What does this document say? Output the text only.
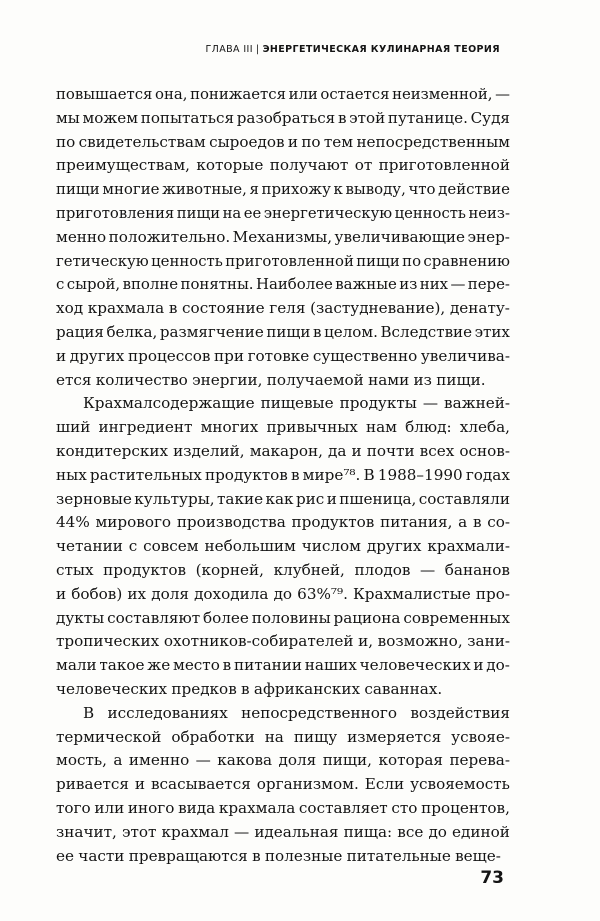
ГЛАВА III | ЭНЕРГЕТИЧЕСКАЯ КУЛИНАРНАЯ ТЕОРИЯ
повышается она, понижается или остается неизменной, —
мы можем попытаться разобраться в этой путанице. Судя
по свидетельствам сыроедов и по тем непосредственным
преимуществам, которые получают от приготовленной
пищи многие животные, я прихожу к выводу, что действие
приготовления пищи на ее энергетическую ценность неиз-
менно положительно. Механизмы, увеличивающие энер-
гетическую ценность приготовленной пищи по сравнению
с сырой, вполне понятны. Наиболее важные из них — пере-
ход крахмала в состояние геля (застудневание), денату-
рация белка, размягчение пищи в целом. Вследствие этих
и других процессов при готовке существенно увеличива-
ется количество энергии, получаемой нами из пищи.
Крахмалсодержащие пищевые продукты — важней-
ший ингредиент многих привычных нам блюд: хлеба,
кондитерских изделий, макарон, да и почти всех основ-
ных растительных продуктов в мире⁷⁸. В 1988–1990 годах
зерновые культуры, такие как рис и пшеница, составляли
44% мирового производства продуктов питания, а в со-
четании с совсем небольшим числом других крахмали-
стых продуктов (корней, клубней, плодов — бананов
и бобов) их доля доходила до 63%⁷⁹. Крахмалистые про-
дукты составляют более половины рациона современных
тропических охотников-собирателей и, возможно, зани-
мали такое же место в питании наших человеческих и до-
человеческих предков в африканских саваннах.
В исследованиях непосредственного воздействия
термической обработки на пищу измеряется усвояе-
мость, а именно — какова доля пищи, которая перева-
ривается и всасывается организмом. Если усвояемость
того или иного вида крахмала составляет сто процентов,
значит, этот крахмал — идеальная пища: все до единой
ее части превращаются в полезные питательные веще-
73
